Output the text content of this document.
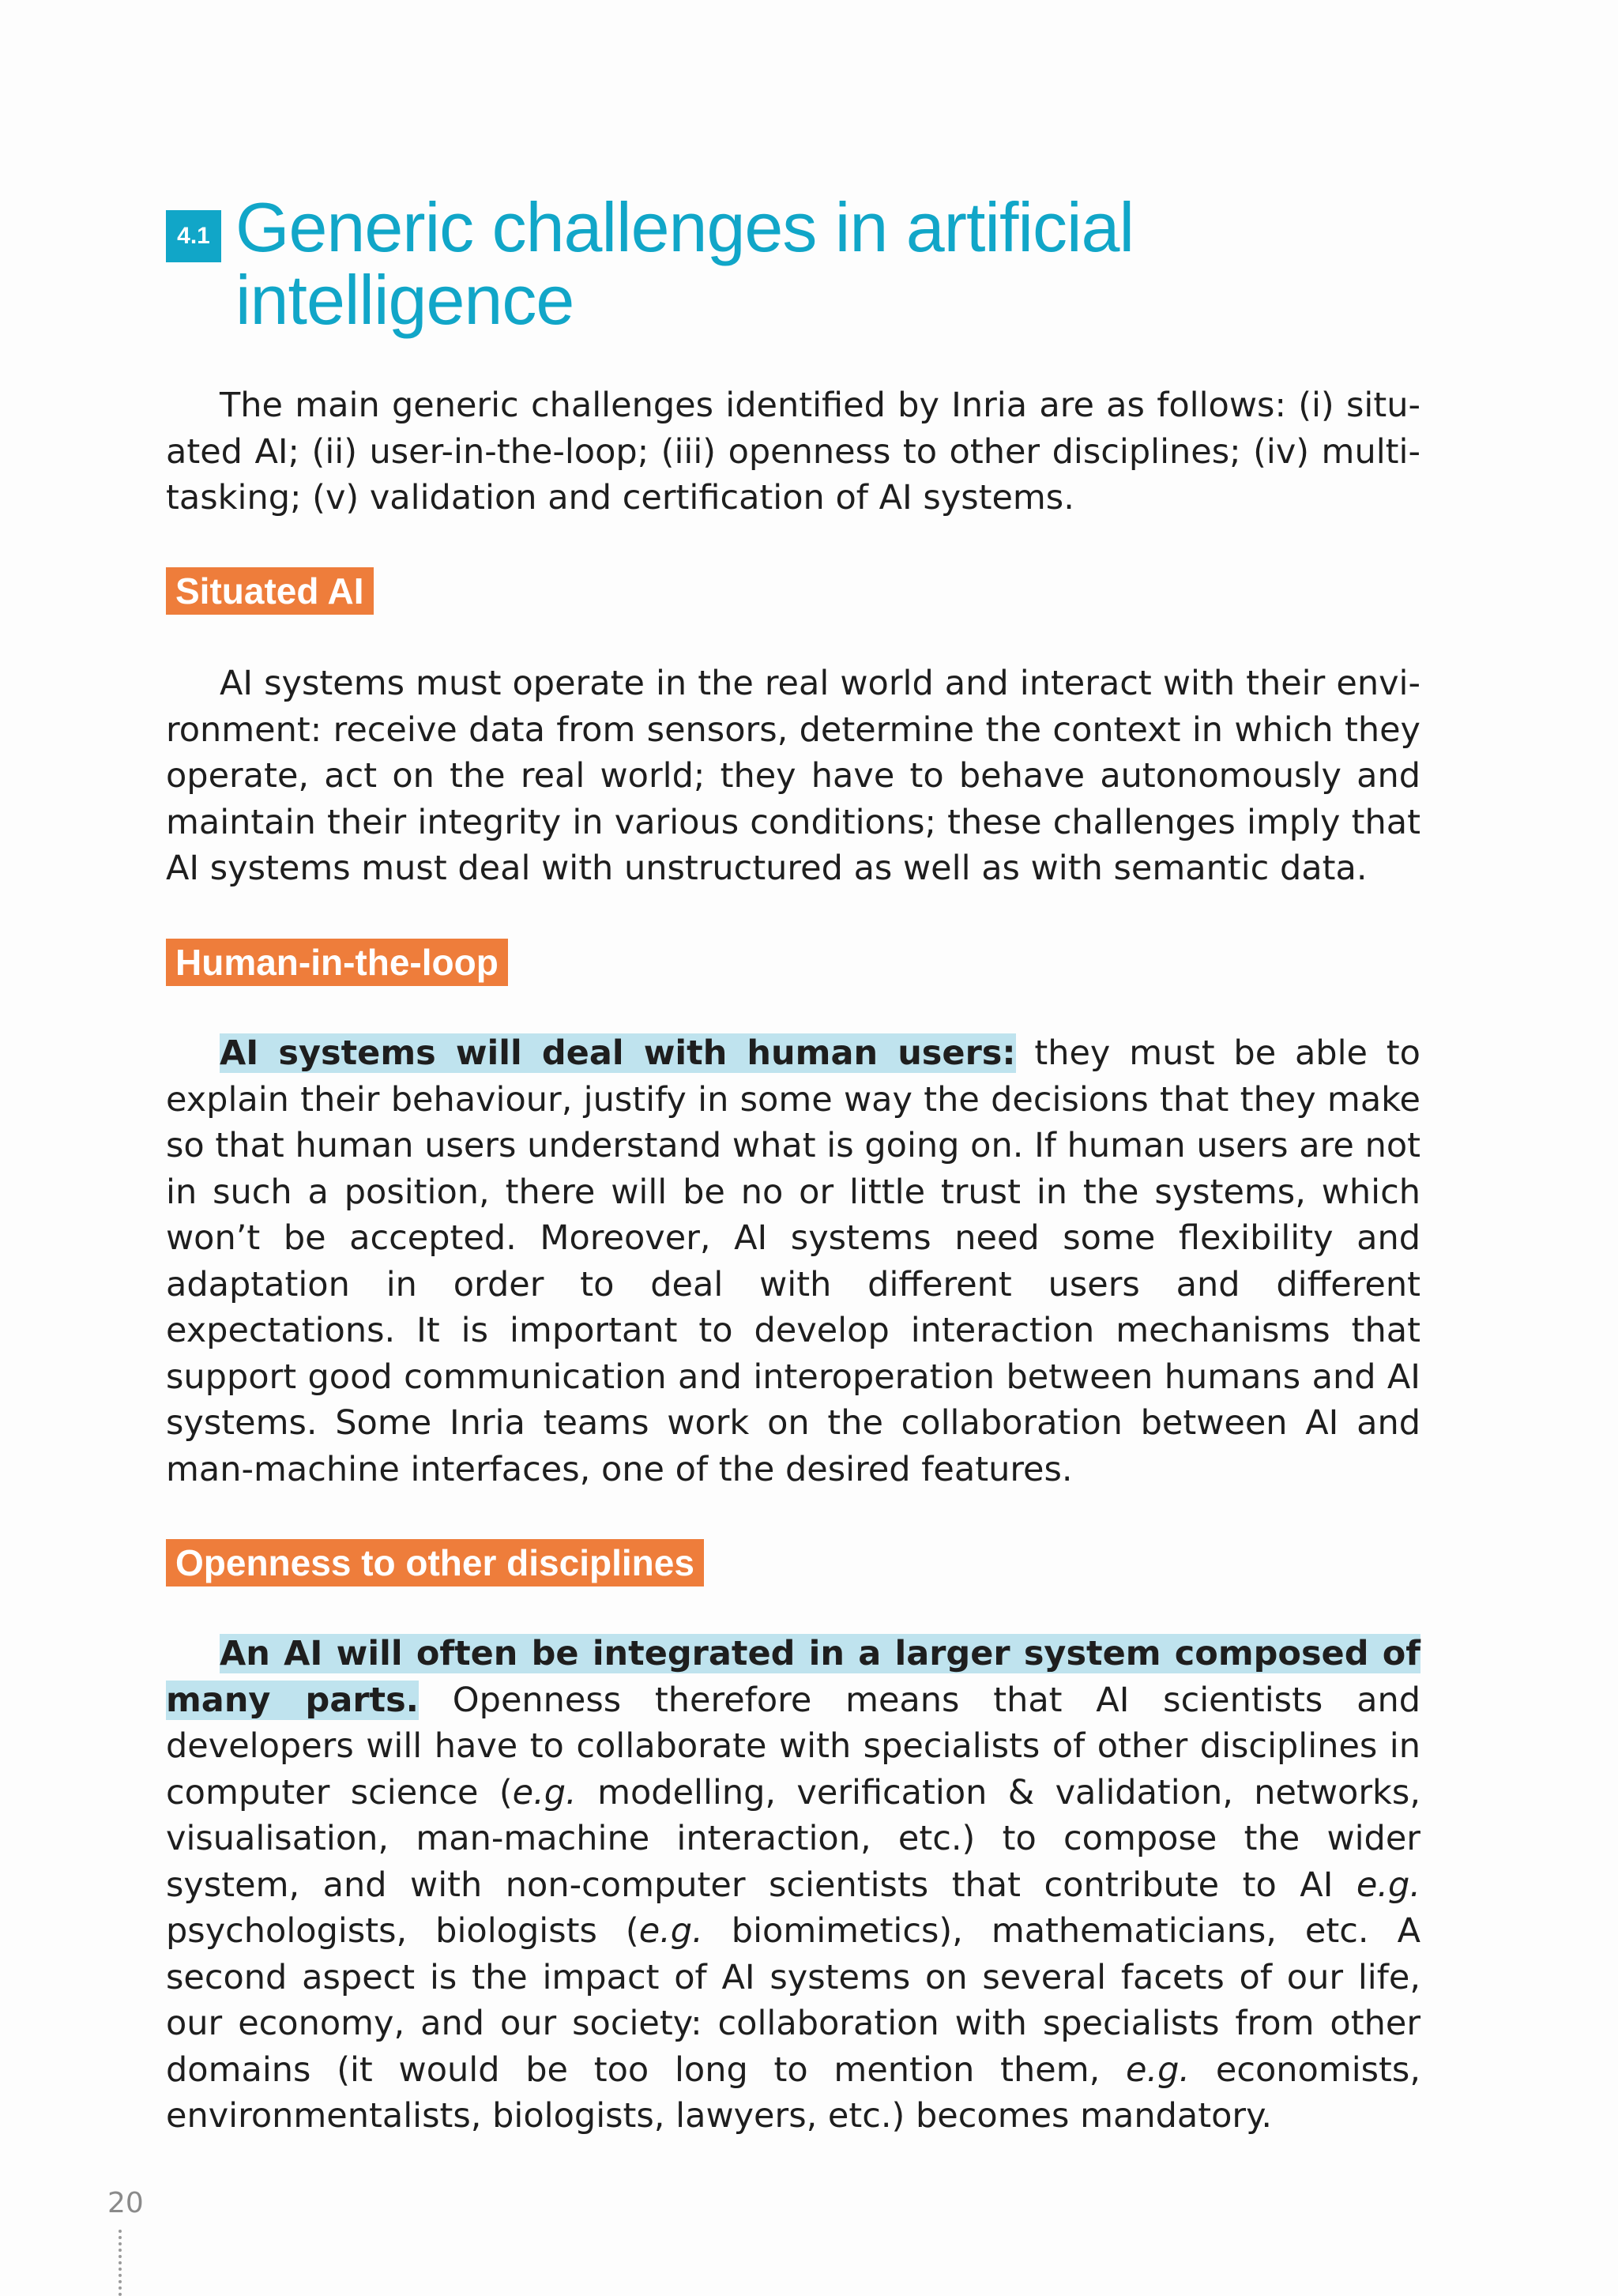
4.1 Generic challenges in artificial intelligence

The main generic challenges identified by Inria are as follows: (i) situated AI; (ii) user-in-the-loop; (iii) openness to other disciplines; (iv) multitasking; (v) validation and certification of AI systems.

Situated AI

AI systems must operate in the real world and interact with their environment: receive data from sensors, determine the context in which they operate, act on the real world; they have to behave autonomously and maintain their integrity in various conditions; these challenges imply that AI systems must deal with unstructured as well as with semantic data.

Human-in-the-loop

AI systems will deal with human users: they must be able to explain their behaviour, justify in some way the decisions that they make so that human users understand what is going on. If human users are not in such a position, there will be no or little trust in the systems, which won’t be accepted. Moreover, AI systems need some flexibility and adaptation in order to deal with different users and different expectations. It is important to develop interaction mechanisms that support good communication and interoperation between humans and AI systems. Some Inria teams work on the collaboration between AI and man-machine interfaces, one of the desired features.

Openness to other disciplines

An AI will often be integrated in a larger system composed of many parts. Openness therefore means that AI scientists and developers will have to collaborate with specialists of other disciplines in computer science (e.g. modelling, verification & validation, networks, visualisation, man-machine interaction, etc.) to compose the wider system, and with non-computer scientists that contribute to AI e.g. psychologists, biologists (e.g. biomimetics), mathematicians, etc. A second aspect is the impact of AI systems on several facets of our life, our economy, and our society: collaboration with specialists from other domains (it would be too long to mention them, e.g. economists, environmentalists, biologists, lawyers, etc.) becomes mandatory.

20
